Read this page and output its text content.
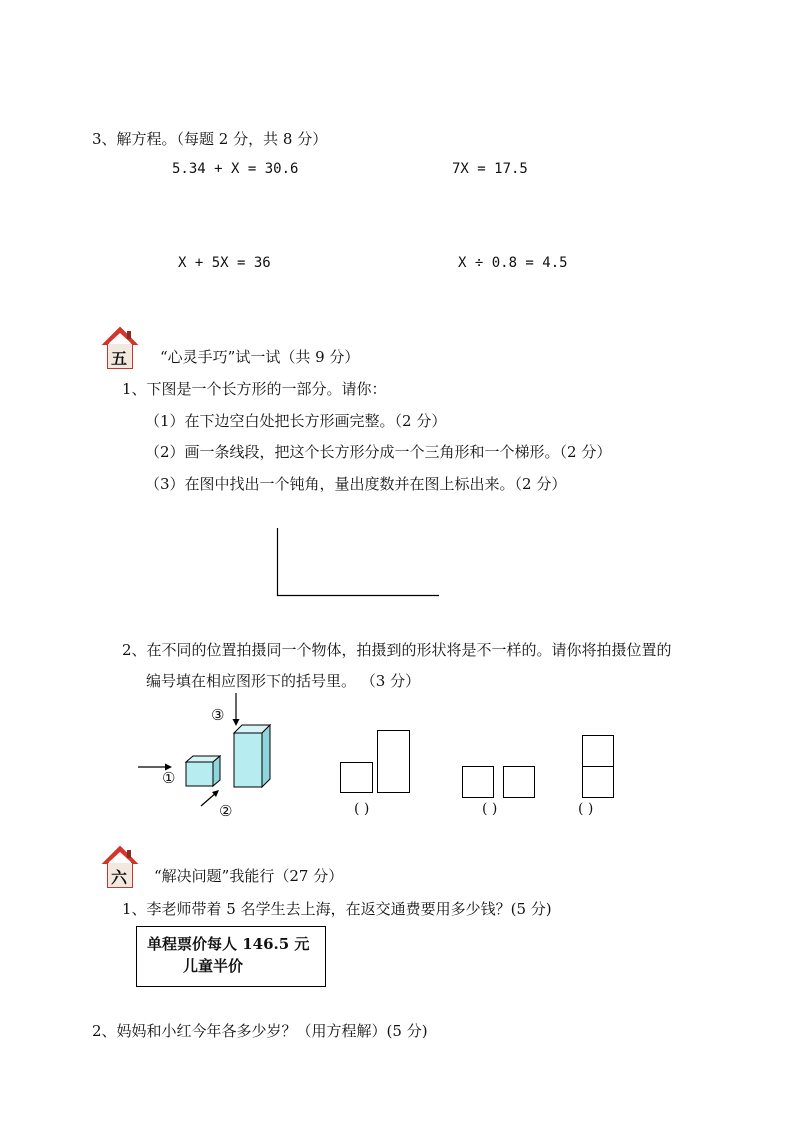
3、解方程。（每题 2 分，共 8 分）
5.34 + X = 30.6	7X = 17.5
X + 5X = 36	X ÷ 0.8 = 4.5
五 “心灵手巧”试一试（共 9 分）
1、下图是一个长方形的一部分。请你：
（1）在下边空白处把长方形画完整。（2 分）
（2）画一条线段，把这个长方形分成一个三角形和一个梯形。（2 分）
（3）在图中找出一个钝角，量出度数并在图上标出来。（2 分）
2、在不同的位置拍摄同一个物体，拍摄到的形状将是不一样的。请你将拍摄位置的
编号填在相应图形下的括号里。 （3 分）
①
②
③
( )	( )	( )
六 “解决问题”我能行（27 分）
1、李老师带着 5 名学生去上海，在返交通费要用多少钱？(5 分)
单程票价每人 146.5 元
儿童半价
2、妈妈和小红今年各多少岁？（用方程解）(5 分)
